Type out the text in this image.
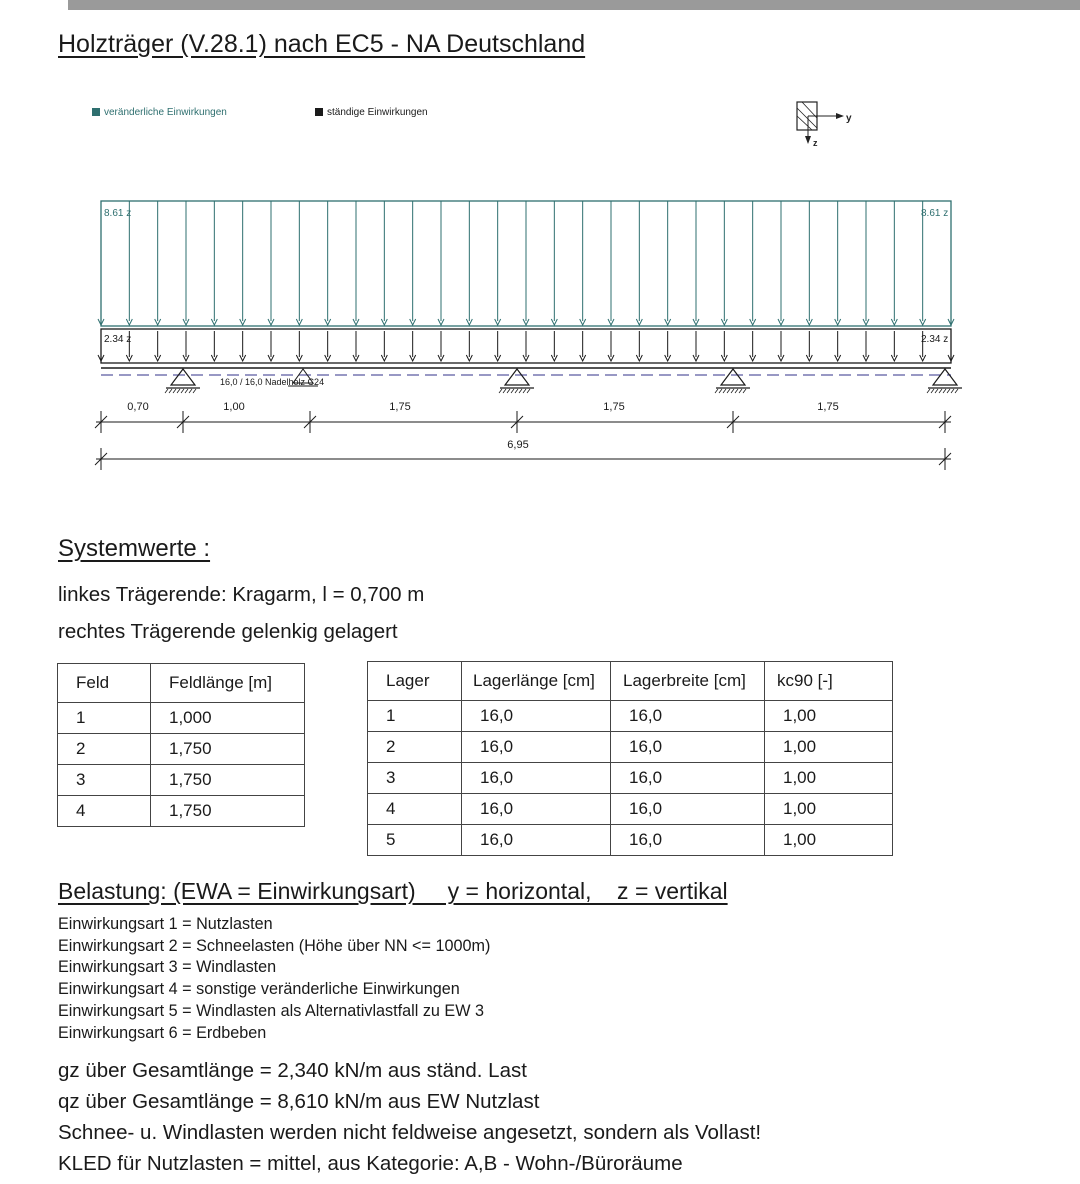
Holzträger (V.28.1) nach EC5 - NA Deutschland
veränderliche Einwirkungen	ständige Einwirkungen
y
z
8.61 z	8.61 z
2.34 z	2.34 z
16,0 / 16,0 Nadelholz C24
0,70	1,00	1,75	1,75	1,75
6,95
Systemwerte :
linkes Trägerende: Kragarm, l = 0,700 m
rechtes Trägerende gelenkig gelagert
Feld	Feldlänge [m]
1	1,000
2	1,750
3	1,750
4	1,750
Lager	Lagerlänge [cm]	Lagerbreite [cm]	kc90 [-]
1	16,0	16,0	1,00
2	16,0	16,0	1,00
3	16,0	16,0	1,00
4	16,0	16,0	1,00
5	16,0	16,0	1,00
Belastung: (EWA = Einwirkungsart)     y = horizontal,    z = vertikal
Einwirkungsart 1 = Nutzlasten
Einwirkungsart 2 = Schneelasten (Höhe über NN <= 1000m)
Einwirkungsart 3 = Windlasten
Einwirkungsart 4 = sonstige veränderliche Einwirkungen
Einwirkungsart 5 = Windlasten als Alternativlastfall zu EW 3
Einwirkungsart 6 = Erdbeben
gz über Gesamtlänge = 2,340 kN/m aus ständ. Last
qz über Gesamtlänge = 8,610 kN/m aus EW Nutzlast
Schnee- u. Windlasten werden nicht feldweise angesetzt, sondern als Vollast!
KLED für Nutzlasten = mittel, aus Kategorie: A,B - Wohn-/Büroräume
